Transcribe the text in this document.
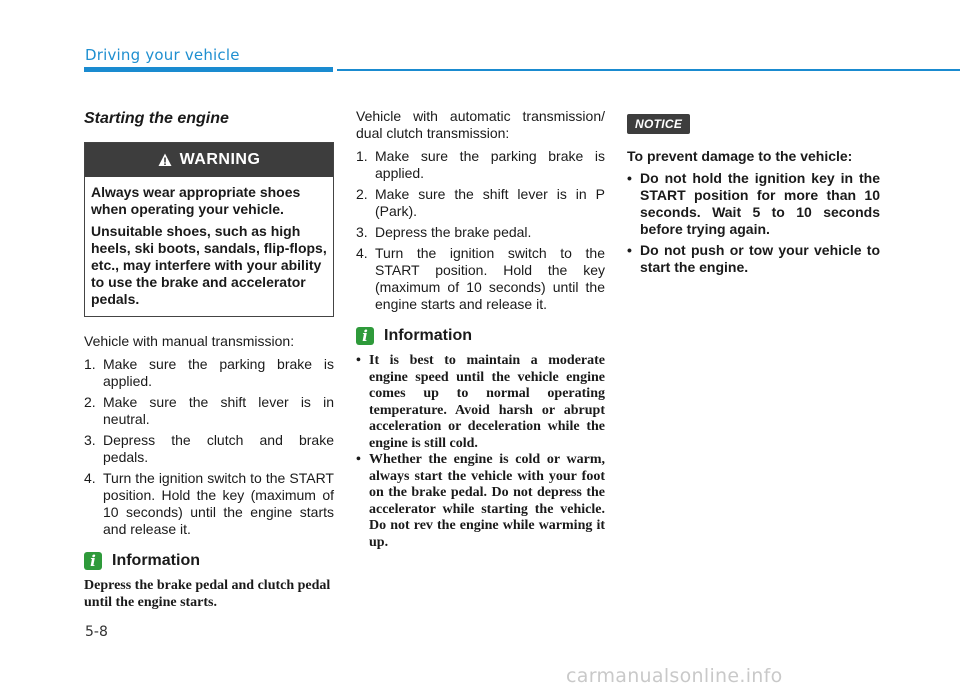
Driving your vehicle
Starting the engine
WARNING

Always wear appropriate shoes when operating your vehicle.

Unsuitable shoes, such as high heels, ski boots, sandals, flip-flops, etc., may interfere with your ability to use the brake and accelerator pedals.

Vehicle with manual transmission:

1. Make sure the parking brake is applied.
2. Make sure the shift lever is in neutral.
3. Depress the clutch and brake pedals.
4. Turn the ignition switch to the START position. Hold the key (maximum of 10 seconds) until the engine starts and release it.
i	Information

Depress the brake pedal and clutch pedal until the engine starts.

Vehicle with automatic transmission/ dual clutch transmission:

1. Make sure the parking brake is applied.
2. Make sure the shift lever is in P (Park).
3. Depress the brake pedal.
4. Turn the ignition switch to the START position. Hold the key (maximum of 10 seconds) until the engine starts and release it.
i	Information
• It is best to maintain a moderate engine speed until the vehicle engine comes up to normal operating temperature. Avoid harsh or abrupt acceleration or deceleration while the engine is still cold.
• Whether the engine is cold or warm, always start the vehicle with your foot on the brake pedal. Do not depress the accelerator while starting the vehicle. Do not rev the engine while warming it up.
NOTICE
To prevent damage to the vehicle:
• Do not hold the ignition key in the START position for more than 10 seconds. Wait 5 to 10 seconds before trying again.
• Do not push or tow your vehicle to start the engine.
5-8
carmanualsonline.info
